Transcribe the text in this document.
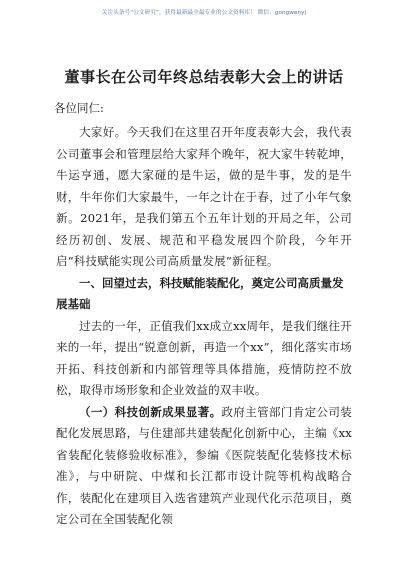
关注头条号“公文研究”，获得最新最全最专业的公文资料库！ 微信：gongwenyj
董事长在公司年终总结表彰大会上的讲话
各位同仁:

大家好。今天我们在这里召开年度表彰大会，我代表公司董事会和管理层给大家拜个晚年，祝大家牛转乾坤，牛运亨通，愿大家碰的是牛运，做的是牛事，发的是牛财，牛年你们大家最牛，一年之计在于春，过了小年气象新。2021年，是我们第五个五年计划的开局之年，公司经历初创、发展、规范和平稳发展四个阶段，今年开启“科技赋能实现公司高质量发展”新征程。

一、回望过去，科技赋能装配化，奠定公司高质量发展基础

过去的一年，正值我们xx成立xx周年，是我们继往开来的一年，提出“锐意创新，再造一个xx”，细化落实市场开拓、科技创新和内部管理等具体措施，疫情防控不放松，取得市场形象和企业效益的双丰收。

（一）科技创新成果显著。政府主管部门肯定公司装配化发展思路，与住建部共建装配化创新中心，主编《xx省装配化装修验收标准》，参编《医院装配化装修技术标准》，与中研院、中煤和长江都市设计院等机构战略合作，装配化在建项目入选省建筑产业现代化示范项目，奠定公司在全国装配化领
